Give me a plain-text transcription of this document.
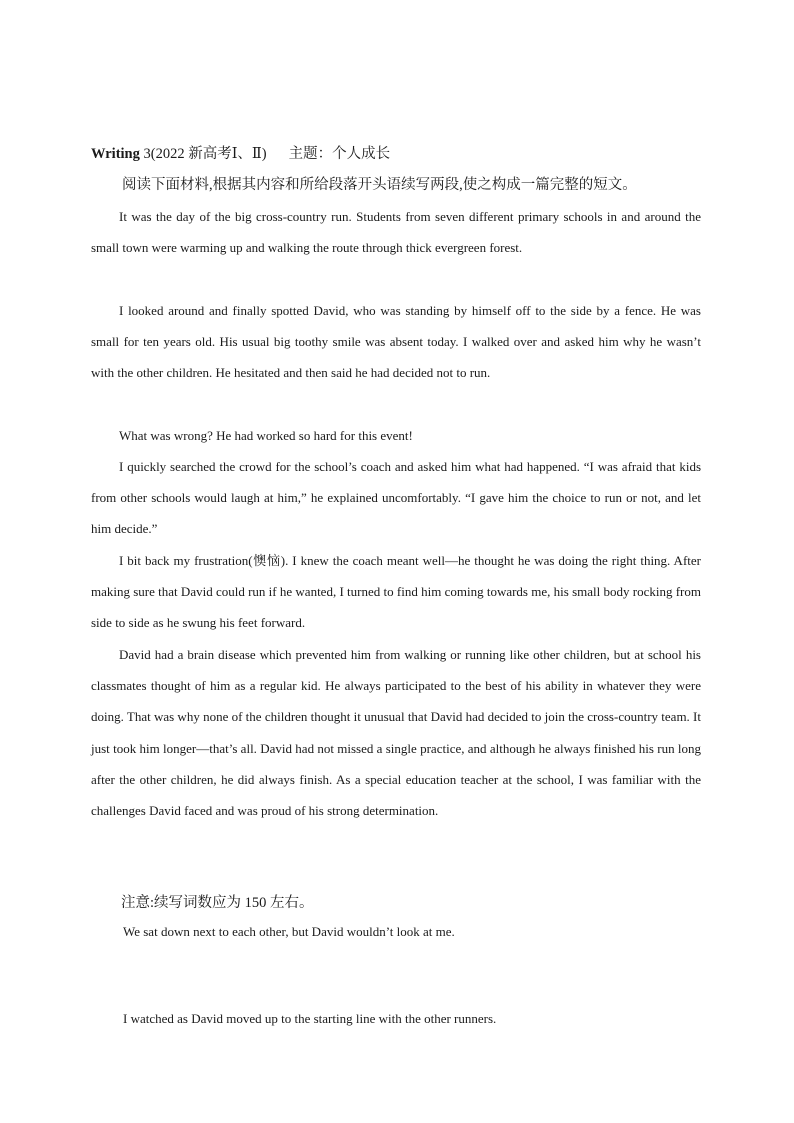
Writing 3(2022 新高考Ⅰ、Ⅱ) 主题：个人成长
阅读下面材料,根据其内容和所给段落开头语续写两段,使之构成一篇完整的短文。

It was the day of the big cross-country run. Students from seven different primary schools in and around the small town were warming up and walking the route through thick evergreen forest.

I looked around and finally spotted David, who was standing by himself off to the side by a fence. He was small for ten years old. His usual big toothy smile was absent today. I walked over and asked him why he wasn’t with the other children. He hesitated and then said he had decided not to run.

What was wrong? He had worked so hard for this event!

I quickly searched the crowd for the school’s coach and asked him what had happened. “I was afraid that kids from other schools would laugh at him,” he explained uncomfortably. “I gave him the choice to run or not, and let him decide.”

I bit back my frustration(懊恼). I knew the coach meant well—he thought he was doing the right thing. After making sure that David could run if he wanted, I turned to find him coming towards me, his small body rocking from side to side as he swung his feet forward.

David had a brain disease which prevented him from walking or running like other children, but at school his classmates thought of him as a regular kid. He always participated to the best of his ability in whatever they were doing. That was why none of the children thought it unusual that David had decided to join the cross-country team. It just took him longer—that’s all. David had not missed a single practice, and although he always finished his run long after the other children, he did always finish. As a special education teacher at the school, I was familiar with the challenges David faced and was proud of his strong determination.

注意:续写词数应为 150 左右。
We sat down next to each other, but David wouldn’t look at me.
I watched as David moved up to the starting line with the other runners.
